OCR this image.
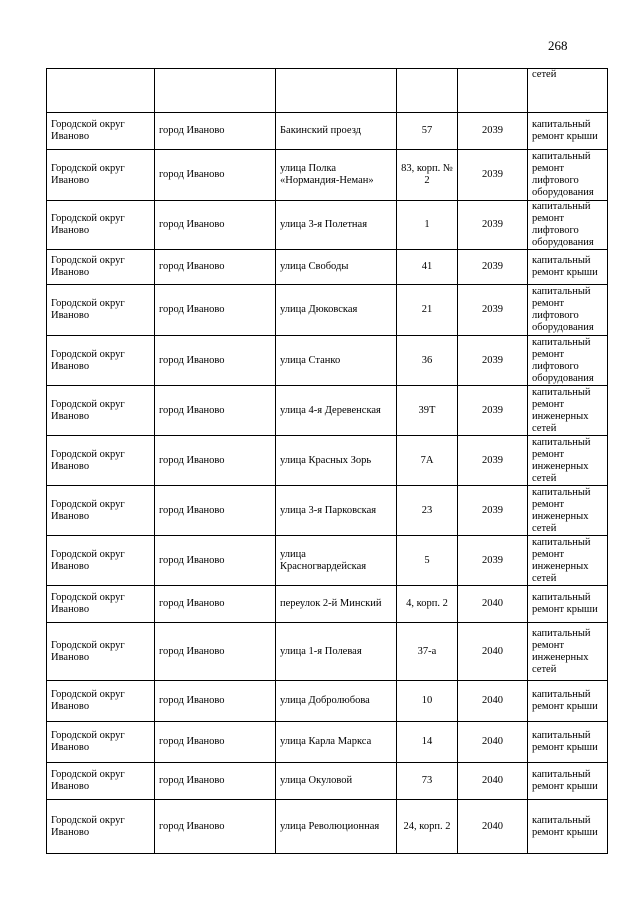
268
					сетей
Городской округ Иваново	город Иваново	Бакинский проезд	57	2039	капитальный ремонт крыши
Городской округ Иваново	город Иваново	улица Полка «Нормандия-Неман»	83, корп. № 2	2039	капитальный ремонт лифтового оборудования
Городской округ Иваново	город Иваново	улица 3-я Полетная	1	2039	капитальный ремонт лифтового оборудования
Городской округ Иваново	город Иваново	улица Свободы	41	2039	капитальный ремонт крыши
Городской округ Иваново	город Иваново	улица Дюковская	21	2039	капитальный ремонт лифтового оборудования
Городской округ Иваново	город Иваново	улица Станко	36	2039	капитальный ремонт лифтового оборудования
Городской округ Иваново	город Иваново	улица 4-я Деревенская	39Т	2039	капитальный ремонт инженерных сетей
Городской округ Иваново	город Иваново	улица Красных Зорь	7А	2039	капитальный ремонт инженерных сетей
Городской округ Иваново	город Иваново	улица 3-я Парковская	23	2039	капитальный ремонт инженерных сетей
Городской округ Иваново	город Иваново	улица Красногвардейская	5	2039	капитальный ремонт инженерных сетей
Городской округ Иваново	город Иваново	переулок 2-й Минский	4, корп. 2	2040	капитальный ремонт крыши
Городской округ Иваново	город Иваново	улица 1-я Полевая	37-а	2040	капитальный ремонт инженерных сетей
Городской округ Иваново	город Иваново	улица Добролюбова	10	2040	капитальный ремонт крыши
Городской округ Иваново	город Иваново	улица Карла Маркса	14	2040	капитальный ремонт крыши
Городской округ Иваново	город Иваново	улица Окуловой	73	2040	капитальный ремонт крыши
Городской округ Иваново	город Иваново	улица Революционная	24, корп. 2	2040	капитальный ремонт крыши
